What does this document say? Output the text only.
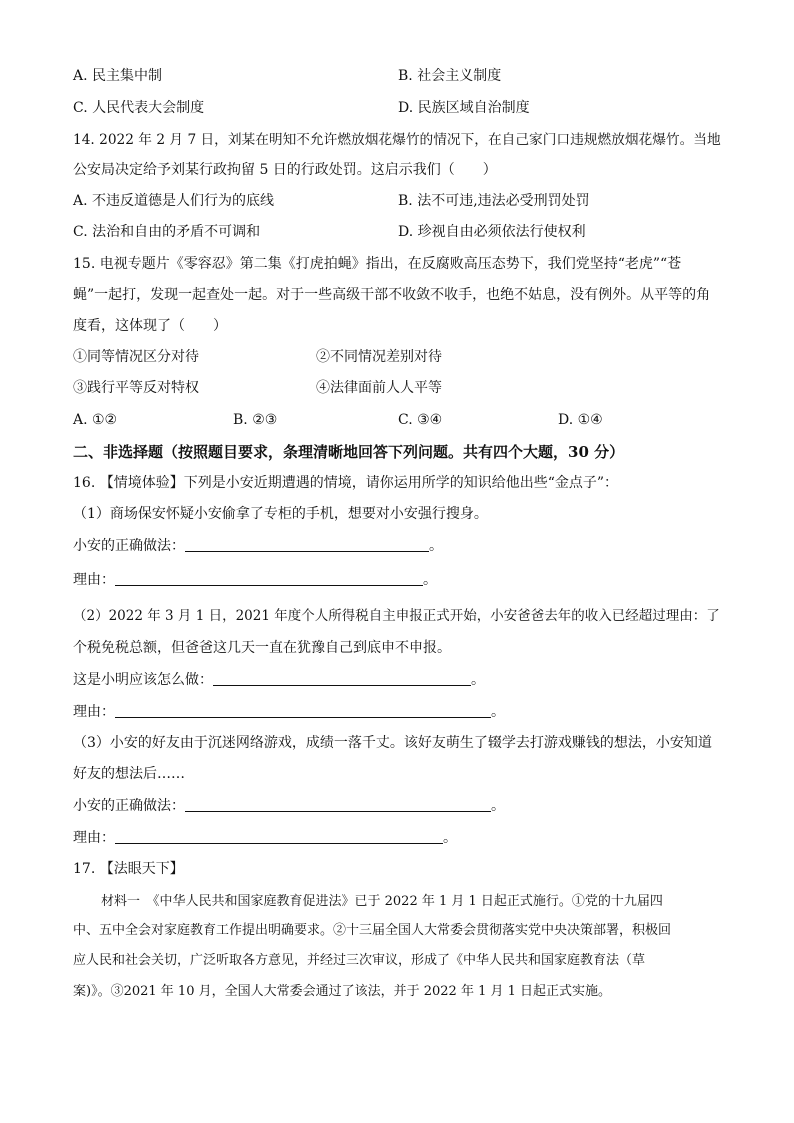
A. 民主集中制	B. 社会主义制度
C. 人民代表大会制度	D. 民族区域自治制度
14. 2022 年 2 月 7 日，刘某在明知不允许燃放烟花爆竹的情况下，在自己家门口违规燃放烟花爆竹。当地
公安局决定给予刘某行政拘留 5 日的行政处罚。这启示我们（　　）
A. 不违反道德是人们行为的底线	B. 法不可违,违法必受刑罚处罚
C. 法治和自由的矛盾不可调和	D. 珍视自由必须依法行使权利
15. 电视专题片《零容忍》第二集《打虎拍蝇》指出，在反腐败高压态势下，我们党坚持“老虎”“苍
蝇”一起打，发现一起查处一起。对于一些高级干部不收敛不收手，也绝不姑息，没有例外。从平等的角
度看，这体现了（　　）
①同等情况区分对待	②不同情况差别对待
③践行平等反对特权	④法律面前人人平等
A. ①②	B. ②③	C. ③④	D. ①④
二、非选择题（按照题目要求，条理清晰地回答下列问题。共有四个大题，30 分）
16. 【情境体验】下列是小安近期遭遇的情境，请你运用所学的知识给他出些“金点子”：
（1）商场保安怀疑小安偷拿了专柜的手机，想要对小安强行搜身。
小安的正确做法：	。
理由：	。
（2）2022 年 3 月 1 日，2021 年度个人所得税自主申报正式开始，小安爸爸去年的收入已经超过理由：了
个税免税总额，但爸爸这几天一直在犹豫自己到底申不申报。
这是小明应该怎么做：	。
理由：	。
（3）小安的好友由于沉迷网络游戏，成绩一落千丈。该好友萌生了辍学去打游戏赚钱的想法，小安知道
好友的想法后……
小安的正确做法：	。
理由：	。
17. 【法眼天下】
材料一　《中华人民共和国家庭教育促进法》已于 2022 年 1 月 1 日起正式施行。①党的十九届四
中、五中全会对家庭教育工作提出明确要求。②十三届全国人大常委会贯彻落实党中央决策部署，积极回
应人民和社会关切，广泛听取各方意见，并经过三次审议，形成了《中华人民共和国家庭教育法（草
案)》。③2021 年 10 月，全国人大常委会通过了该法，并于 2022 年 1 月 1 日起正式实施。
